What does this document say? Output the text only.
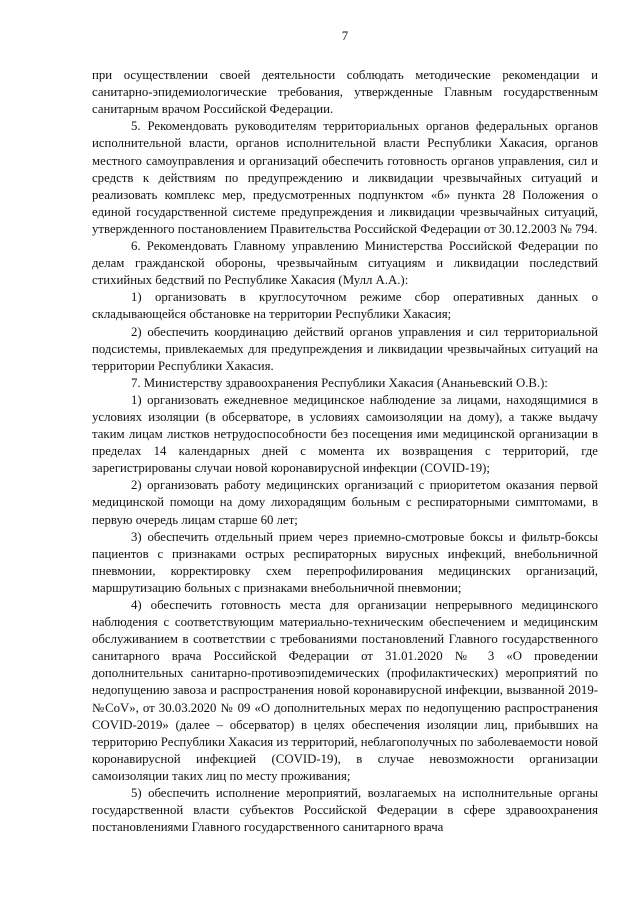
7

при осуществлении своей деятельности соблюдать методические рекомендации и санитарно-эпидемиологические требования, утвержденные Главным государственным санитарным врачом Российской Федерации.

5. Рекомендовать руководителям территориальных органов федеральных органов исполнительной власти, органов исполнительной власти Республики Хакасия, органов местного самоуправления и организаций обеспечить готовность органов управления, сил и средств к действиям по предупреждению и ликвидации чрезвычайных ситуаций и реализовать комплекс мер, предусмотренных подпунктом «б» пункта 28 Положения о единой государственной системе предупреждения и ликвидации чрезвычайных ситуаций, утвержденного постановлением Правительства Российской Федерации от 30.12.2003 № 794.

6. Рекомендовать Главному управлению Министерства Российской Федерации по делам гражданской обороны, чрезвычайным ситуациям и ликвидации последствий стихийных бедствий по Республике Хакасия (Мулл А.А.):

1) организовать в круглосуточном режиме сбор оперативных данных о складывающейся обстановке на территории Республики Хакасия;

2) обеспечить координацию действий органов управления и сил территориальной подсистемы, привлекаемых для предупреждения и ликвидации чрезвычайных ситуаций на территории Республики Хакасия.

7. Министерству здравоохранения Республики Хакасия (Ананьевский О.В.):

1) организовать ежедневное медицинское наблюдение за лицами, находящимися в условиях изоляции (в обсерваторе, в условиях самоизоляции на дому), а также выдачу таким лицам листков нетрудоспособности без посещения ими медицинской организации в пределах 14 календарных дней с момента их возвращения с территорий, где зарегистрированы случаи новой коронавирусной инфекции (COVID-19);

2) организовать работу медицинских организаций с приоритетом оказания первой медицинской помощи на дому лихорадящим больным с респираторными симптомами, в первую очередь лицам старше 60 лет;

3) обеспечить отдельный прием через приемно-смотровые боксы и фильтр-боксы пациентов с признаками острых респираторных вирусных инфекций, внебольничной пневмонии, корректировку схем перепрофилирования медицинских организаций, маршрутизацию больных с признаками внебольничной пневмонии;

4) обеспечить готовность места для организации непрерывного медицинского наблюдения с соответствующим материально-техническим обеспечением и медицинским обслуживанием в соответствии с требованиями постановлений Главного государственного санитарного врача Российской Федерации от 31.01.2020 № 3 «О проведении дополнительных санитарно-противоэпидемических (профилактических) мероприятий по недопущению завоза и распространения новой коронавирусной инфекции, вызванной 2019-№CoV», от 30.03.2020 № 09 «О дополнительных мерах по недопущению распространения COVID-2019» (далее – обсерватор) в целях обеспечения изоляции лиц, прибывших на территорию Республики Хакасия из территорий, неблагополучных по заболеваемости новой коронавирусной инфекцией (COVID-19), в случае невозможности организации самоизоляции таких лиц по месту проживания;

5) обеспечить исполнение мероприятий, возлагаемых на исполнительные органы государственной власти субъектов Российской Федерации в сфере здравоохранения постановлениями Главного государственного санитарного врача
